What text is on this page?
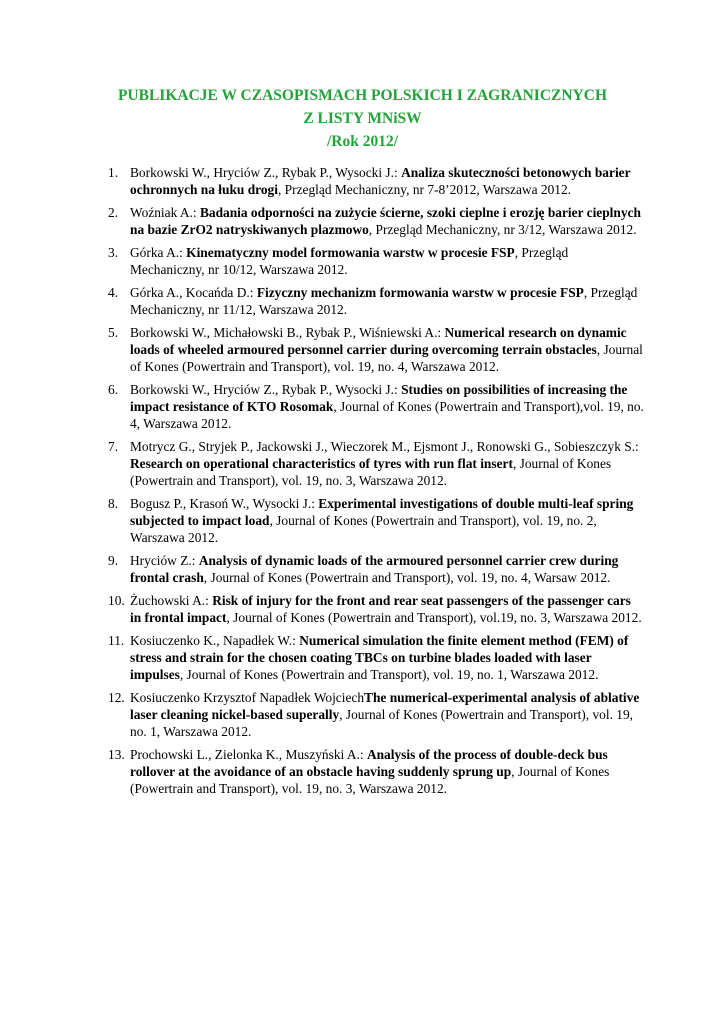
PUBLIKACJE W CZASOPISMACH POLSKICH I ZAGRANICZNYCH
Z LISTY MNiSW
/Rok 2012/
1. Borkowski W., Hryciów Z., Rybak P., Wysocki J.: Analiza skuteczności betonowych barier ochronnych na łuku drogi, Przegląd Mechaniczny, nr 7-8’2012, Warszawa 2012.
2. Woźniak A.: Badania odporności na zużycie ścierne, szoki cieplne i erozję barier cieplnych na bazie ZrO2 natryskiwanych plazmowo, Przegląd Mechaniczny, nr 3/12, Warszawa 2012.
3. Górka A.: Kinematyczny model formowania warstw w procesie FSP, Przegląd Mechaniczny, nr 10/12, Warszawa 2012.
4. Górka A., Kocańda D.: Fizyczny mechanizm formowania warstw w procesie FSP, Przegląd Mechaniczny, nr 11/12, Warszawa 2012.
5. Borkowski W., Michałowski B., Rybak P., Wiśniewski A.: Numerical research on dynamic loads of wheeled armoured personnel carrier during overcoming terrain obstacles, Journal of Kones (Powertrain and Transport), vol. 19, no. 4, Warszawa 2012.
6. Borkowski W., Hryciów Z., Rybak P., Wysocki J.: Studies on possibilities of increasing the impact resistance of KTO Rosomak, Journal of Kones (Powertrain and Transport),vol. 19, no. 4, Warszawa 2012.
7. Motrycz G., Stryjek P., Jackowski J., Wieczorek M., Ejsmont J., Ronowski G., Sobieszczyk S.: Research on operational characteristics of tyres with run flat insert, Journal of Kones (Powertrain and Transport), vol. 19, no. 3, Warszawa 2012.
8. Bogusz P., Krasoń W., Wysocki J.: Experimental investigations of double multi-leaf spring subjected to impact load, Journal of Kones (Powertrain and Transport), vol. 19, no. 2, Warszawa 2012.
9. Hryciów Z.: Analysis of dynamic loads of the armoured personnel carrier crew during frontal crash, Journal of Kones (Powertrain and Transport), vol. 19, no. 4, Warsaw 2012.
10. Żuchowski A.: Risk of injury for the front and rear seat passengers of the passenger cars in frontal impact, Journal of Kones (Powertrain and Transport), vol.19, no. 3, Warszawa 2012.
11. Kosiuczenko K., Napadłek W.: Numerical simulation the finite element method (FEM) of stress and strain for the chosen coating TBCs on turbine blades loaded with laser impulses, Journal of Kones (Powertrain and Transport), vol. 19, no. 1, Warszawa 2012.
12. Kosiuczenko Krzysztof Napadłek WojciechThe numerical-experimental analysis of ablative laser cleaning nickel-based superally, Journal of Kones (Powertrain and Transport), vol. 19, no. 1, Warszawa 2012.
13. Prochowski L., Zielonka K., Muszyński A.: Analysis of the process of double-deck bus rollover at the avoidance of an obstacle having suddenly sprung up, Journal of Kones (Powertrain and Transport), vol. 19, no. 3, Warszawa 2012.
